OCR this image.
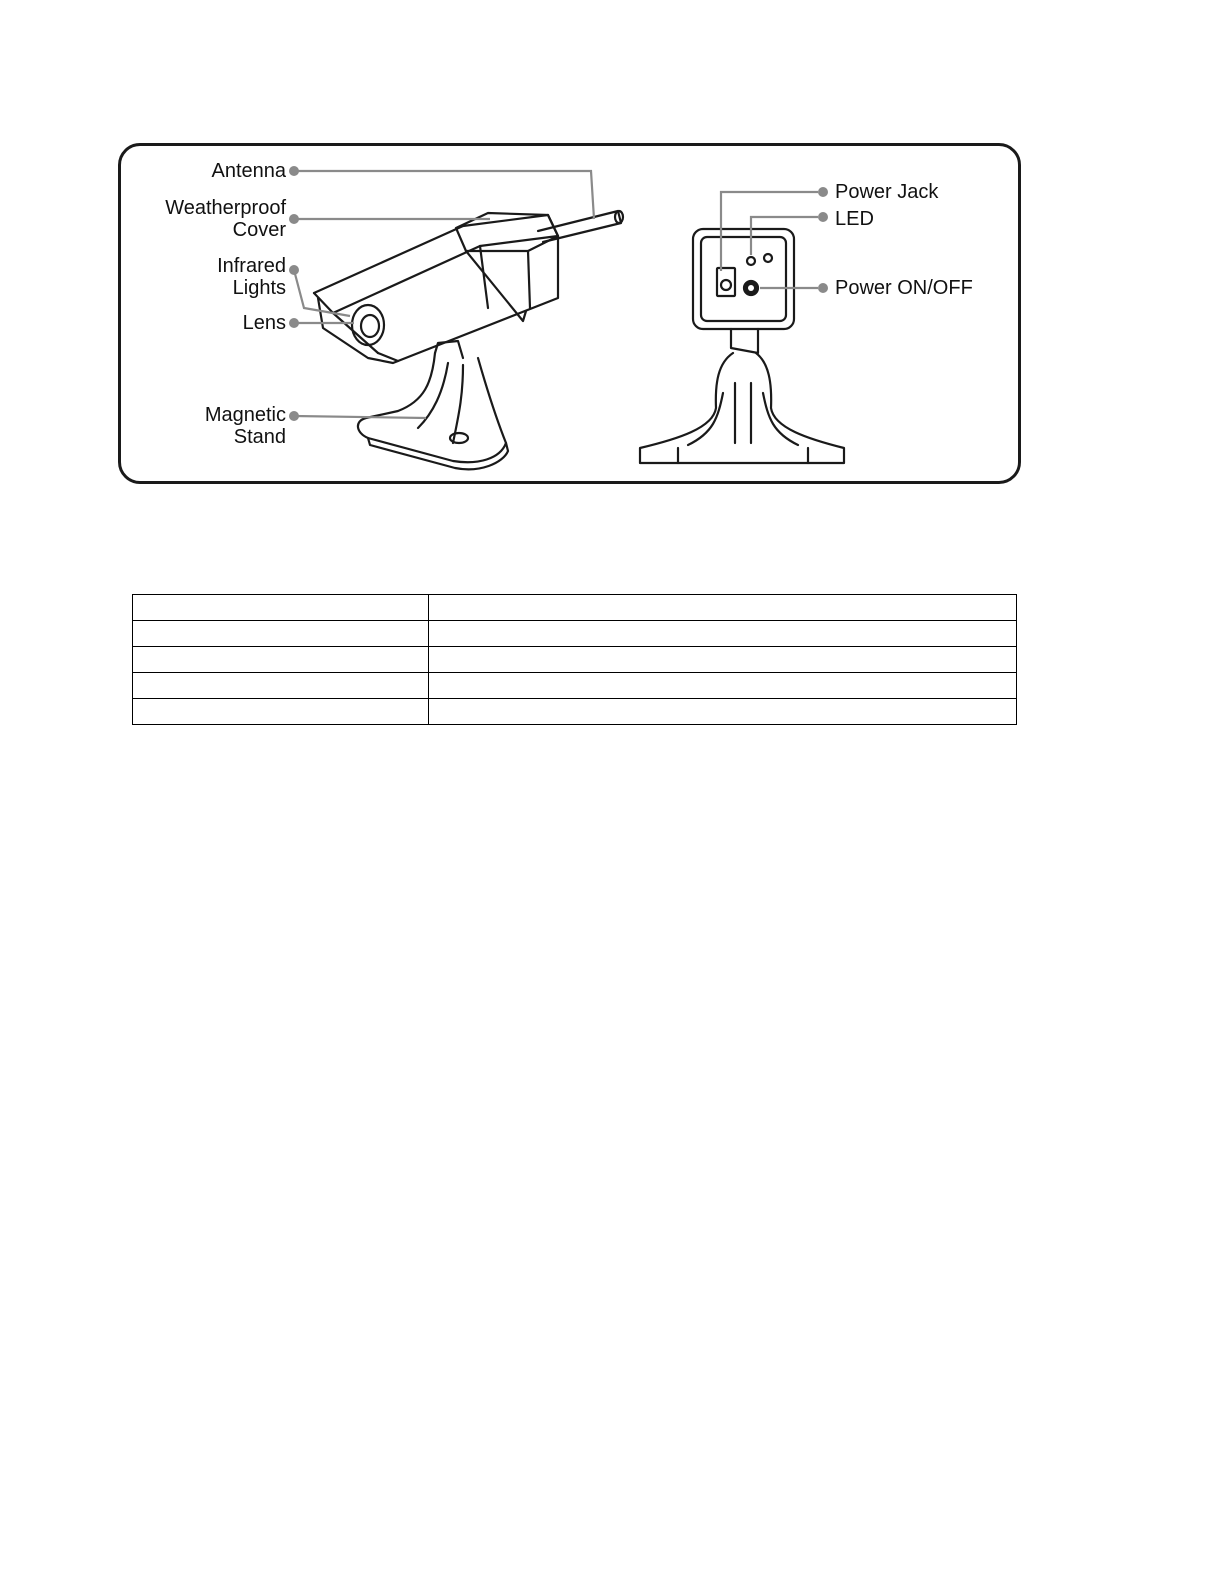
Antenna
Weatherproof
Cover
Infrared
Lights
Lens
Magnetic
Stand
Power Jack
LED
Power ON/OFF
